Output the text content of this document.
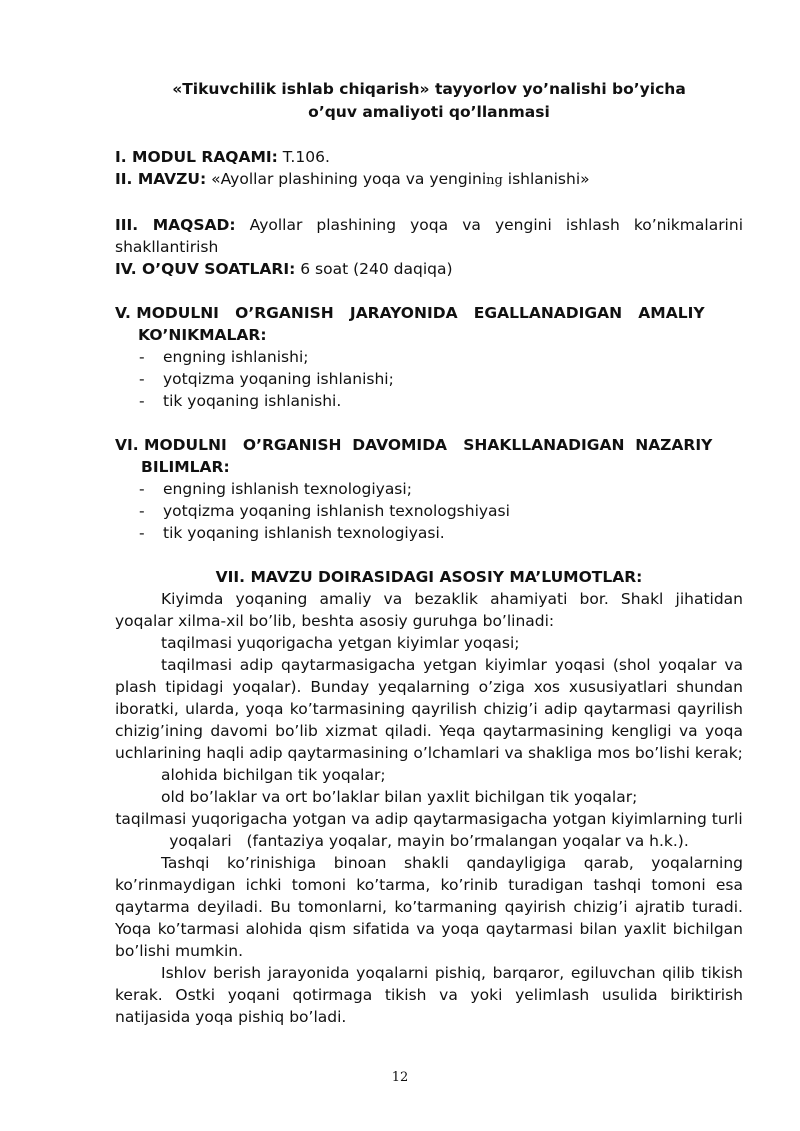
«Tikuvchilik ishlab chiqarish» tayyorlov yo’nalishi bo’yicha
o’quv amaliyoti qo’llanmasi

I. MODUL RAQAMI: T.106.

II. MAVZU: «Ayollar plashining yoqa va yengining ishlanishi»

III. MAQSAD: Ayollar plashining yoqa va yengini ishlash ko’nikmalarini shakllantirish

IV. O’QUV SOATLARI: 6 soat (240 daqiqa)

V. MODULNI   O’RGANISH   JARAYONIDA   EGALLANADIGAN   AMALIY
KO’NIKMALAR:
- engning ishlanishi;
- yotqizma yoqaning ishlanishi;
- tik yoqaning ishlanishi.
VI. MODULNI   O’RGANISH  DAVOMIDA   SHAKLLANADIGAN  NAZARIY
BILIMLAR:
- engning ishlanish texnologiyasi;
- yotqizma yoqaning ishlanish texnologshiyasi
- tik yoqaning ishlanish texnologiyasi.

VII. MAVZU DOIRASIDAGI ASOSIY MA’LUMOTLAR:

Kiyimda yoqaning amaliy va bezaklik ahamiyati bor. Shakl jihatidan yoqalar xilma-xil bo’lib, beshta asosiy guruhga bo’linadi:

taqilmasi yuqorigacha yetgan kiyimlar yoqasi;

taqilmasi adip qaytarmasigacha yetgan kiyimlar yoqasi (shol yoqalar va plash tipidagi yoqalar). Bunday yeqalarning o’ziga xos xususiyatlari shundan iboratki, ularda, yoqa ko’tarmasining qayrilish chizig’i adip qaytarmasi qayrilish chizig’ining davomi bo’lib xizmat qiladi. Yeqa qaytarmasining kengligi va yoqa uchlarining haqli adip qaytarmasining o’lchamlari va shakliga mos bo’lishi kerak;

alohida bichilgan tik yoqalar;

old bo’laklar va ort bo’laklar bilan yaxlit bichilgan tik yoqalar;

taqilmasi yuqorigacha yotgan va adip qaytarmasigacha yotgan kiyimlarning turli

yoqalari   (fantaziya yoqalar, mayin bo’rmalangan yoqalar va h.k.).

Tashqi ko’rinishiga binoan shakli qandayligiga qarab, yoqalarning ko’rinmaydigan ichki tomoni ko’tarma, ko’rinib turadigan tashqi tomoni esa qaytarma deyiladi. Bu tomonlarni, ko’tarmaning qayirish chizig’i ajratib turadi. Yoqa ko’tarmasi alohida qism sifatida va yoqa qaytarmasi bilan yaxlit bichilgan bo’lishi mumkin.

Ishlov berish jarayonida yoqalarni pishiq, barqaror, egiluvchan qilib tikish kerak. Ostki yoqani qotirmaga tikish va yoki yelimlash usulida biriktirish natijasida yoqa pishiq bo’ladi.

12
